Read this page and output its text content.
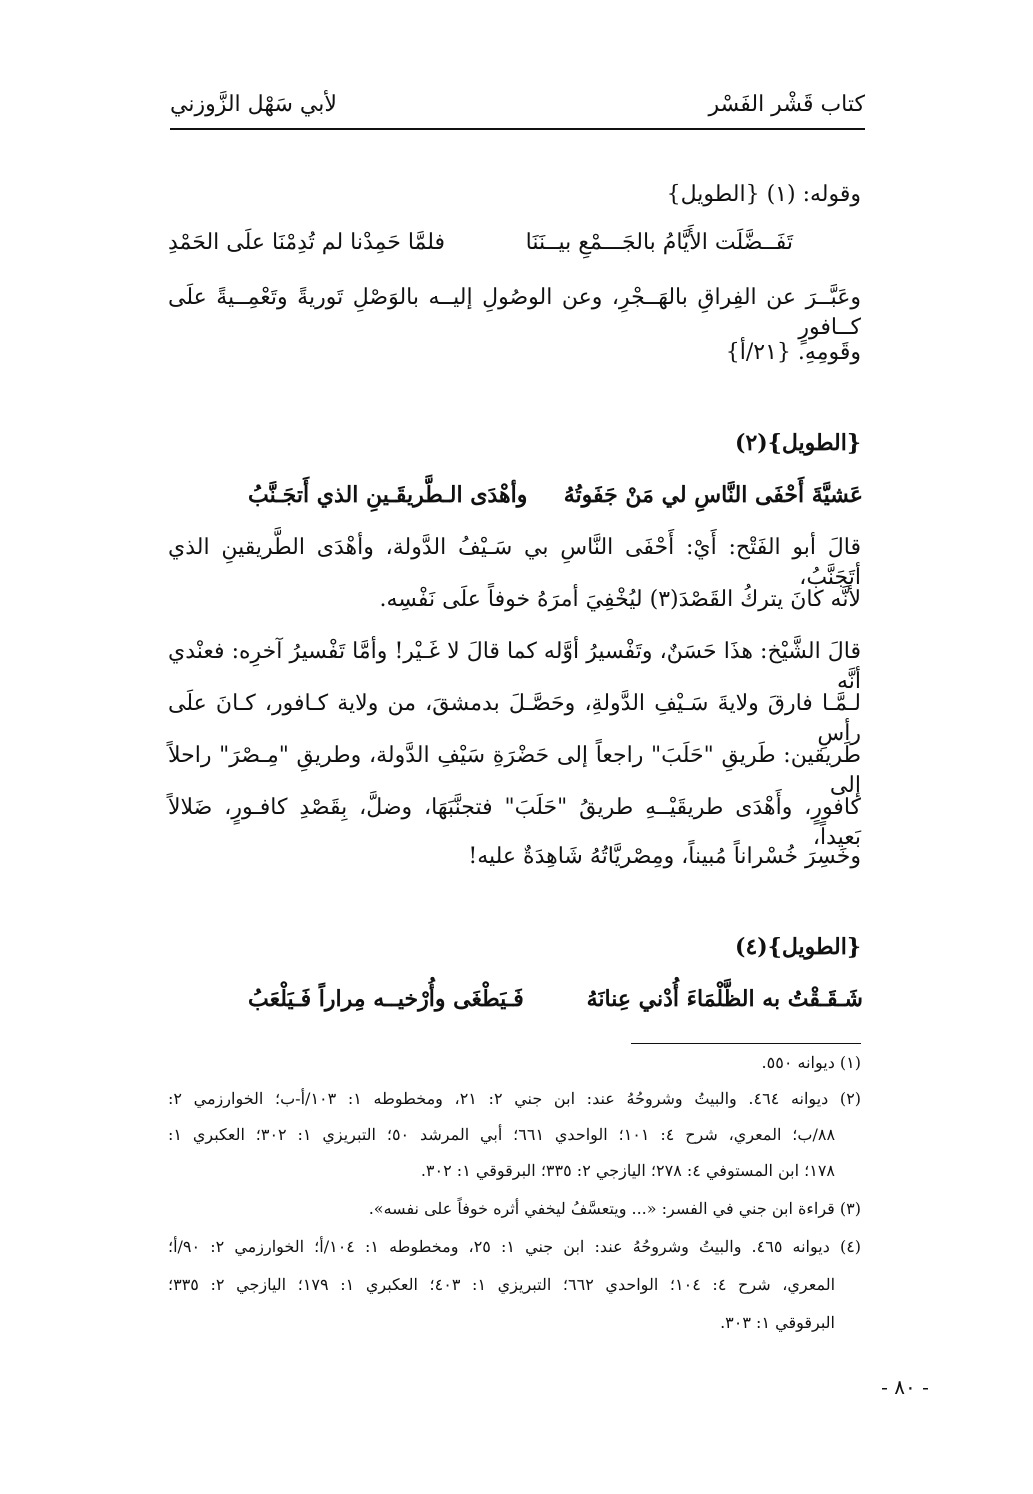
كتاب قَشْر الفَسْر
لأبي سَهْل الزَّوزني
وقوله: (١) {الطويل}
تَفَــضَّلَت الأَيَّامُ بالجَـــمْعِ بيــنَنَا
فلمَّا حَمِدْنا لم تُدِمْنَا علَى الحَمْدِ
وعَبَّــرَ عن الفِراقِ بالهَــجْرِ، وعن الوصُولِ إليــه بالوَصْلِ تَوريةً وتَعْمِــيةً علَى كــافورٍ
وقَومِهِ. {٢١/أ}
{الطويل}(٢)
عَشيَّةَ أَحْفَى النَّاسِ لي مَنْ جَفَوتُهُ
وأهْدَى الـطَّريقَـينِ الذي أَتجَـنَّبُ
قالَ أبو الفَتْح: أَيْ: أَحْفَى النَّاسِ بي سَـيْفُ الدَّولة، وأهْدَى الطَّريقينِ الذي أتَجَنَّبُ،
لأنَّه كانَ يتركُ القَصْدَ(٣) ليُخْفِيَ أمرَهُ خوفاً علَى نَفْسِه.
قالَ الشَّيْخ: هذَا حَسَنٌ، وتَفْسيرُ أوَّله كما قالَ لا غَـيْر! وأمَّا تَفْسيرُ آخرِه: فعنْدي أنَّه
لـمَّـا فارقَ ولايةَ سَـيْفِ الدَّولةِ، وحَصَّـلَ بدمشقَ، من ولاية كـافور، كـانَ علَى رأسِ
طَريقين: طَريقِ "حَلَبَ" راجعاً إلى حَضْرَةِ سَيْفِ الدَّولة، وطريقِ "مِـصْرَ" راحلاً إلى
كافورٍ، وأَهْدَى طريقَيْــهِ طريقُ "حَلَبَ" فتجنَّبَهَا، وضلَّ، بِقَصْدِ كافـورٍ، ضَلالاً بَعيداً،
وخَسِرَ خُسْراناً مُبيناً، ومِصْريَّاتُهُ شَاهِدَةٌ عليه!
{الطويل}(٤)
شَـقَـقْتُ به الظَّلْمَاءَ أُدْني عِنانَهُ
فَـيَطْغَى وأُرْخيــه مِراراً فَـيَلْعَبُ
(١) ديوانه ٥٥٠.
(٢) ديوانه ٤٦٤. والبيتُ وشروحُهُ عند: ابن جني ٢: ٢١، ومخطوطه ١: ١٠٣/أ-ب؛ الخوارزمي ٢:
٨٨/ب؛ المعري، شرح ٤: ١٠١؛ الواحدي ٦٦١؛ أبي المرشد ٥٠؛ التبريزي ١: ٣٠٢؛ العكبري ١:
١٧٨؛ ابن المستوفي ٤: ٢٧٨؛ اليازجي ٢: ٣٣٥؛ البرقوقي ١: ٣٠٢.
(٣) قراءة ابن جني في الفسر: «... ويتعسَّفُ ليخفي أثره خوفاً على نفسه».
(٤) ديوانه ٤٦٥. والبيتُ وشروحُهُ عند: ابن جني ١: ٢٥، ومخطوطه ١: ١٠٤/أ؛ الخوارزمي ٢: ٩٠/أ؛
المعري، شرح ٤: ١٠٤؛ الواحدي ٦٦٢؛ التبريزي ١: ٤٠٣؛ العكبري ١: ١٧٩؛ اليازجي ٢: ٣٣٥؛
البرقوقي ١: ٣٠٣.
- ٨٠ -
